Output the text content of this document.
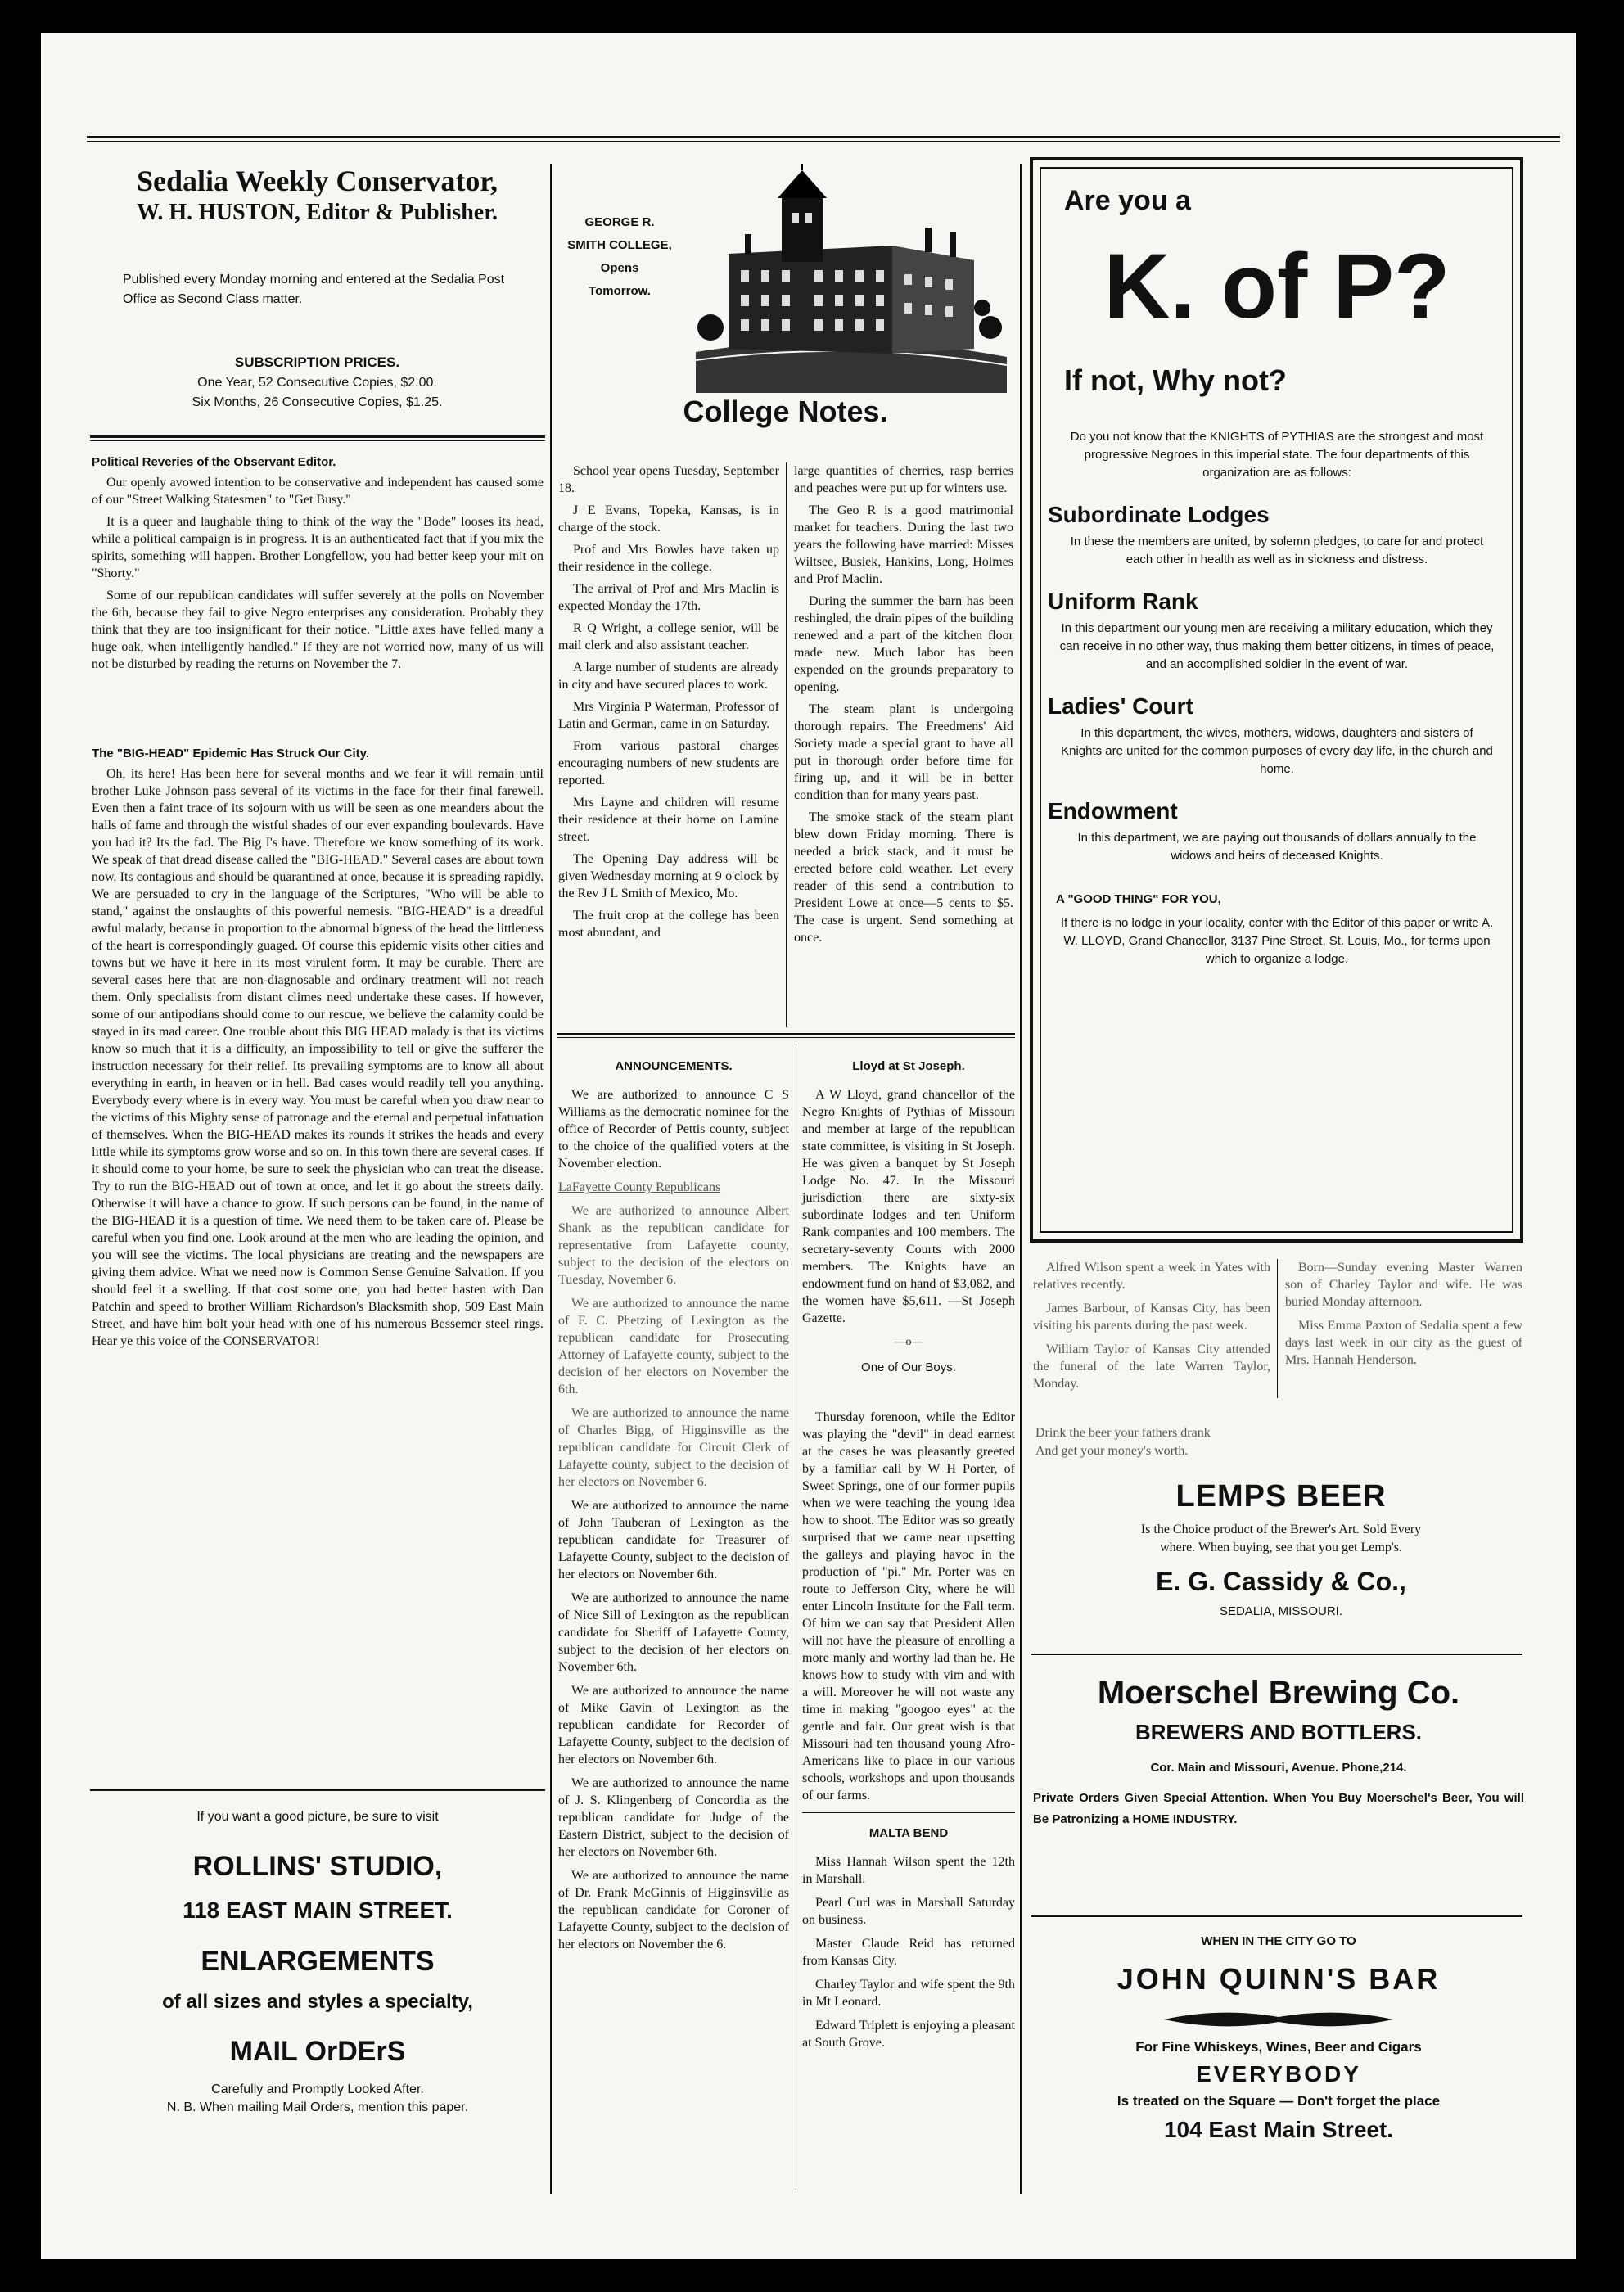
Sedalia Weekly Conservator,
W. H. HUSTON, Editor & Publisher.
Published every Monday morning and entered at the Sedalia Post Office as Second Class matter.
SUBSCRIPTION PRICES.
One Year, 52 Consecutive Copies, $2.00.
Six Months, 26 Consecutive Copies, $1.25.
Political Reveries of the Observant Editor.

Our openly avowed intention to be conservative and independent has caused some of our "Street Walking Statesmen" to "Get Busy."

It is a queer and laughable thing to think of the way the "Bode" looses its head, while a political campaign is in progress. It is an authenticated fact that if you mix the spirits, something will happen. Brother Longfellow, you had better keep your mit on "Shorty."

Some of our republican candidates will suffer severely at the polls on November the 6th, because they fail to give Negro enterprises any consideration. Probably they think that they are too insignificant for their notice. "Little axes have felled many a huge oak, when intelligently handled." If they are not worried now, many of us will not be disturbed by reading the returns on November the 7.

The "BIG-HEAD" Epidemic Has Struck Our City.

Oh, its here! Has been here for several months and we fear it will remain until brother Luke Johnson pass several of its victims in the face for their final farewell. Even then a faint trace of its sojourn with us will be seen as one meanders about the halls of fame and through the wistful shades of our ever expanding boulevards. Have you had it? Its the fad. The Big I's have. Therefore we know something of its work. We speak of that dread disease called the "BIG-HEAD." Several cases are about town now. Its contagious and should be quarantined at once, because it is spreading rapidly. We are persuaded to cry in the language of the Scriptures, "Who will be able to stand," against the onslaughts of this powerful nemesis. "BIG-HEAD" is a dreadful awful malady, because in proportion to the abnormal bigness of the head the littleness of the heart is correspondingly guaged. Of course this epidemic visits other cities and towns but we have it here in its most virulent form. It may be curable. There are several cases here that are non-diagnosable and ordinary treatment will not reach them. Only specialists from distant climes need undertake these cases. If however, some of our antipodians should come to our rescue, we believe the calamity could be stayed in its mad career. One trouble about this BIG HEAD malady is that its victims know so much that it is a difficulty, an impossibility to tell or give the sufferer the instruction necessary for their relief. Its prevailing symptoms are to know all about everything in earth, in heaven or in hell. Bad cases would readily tell you anything. Everybody every where is in every way. You must be careful when you draw near to the victims of this Mighty sense of patronage and the eternal and perpetual infatuation of themselves. When the BIG-HEAD makes its rounds it strikes the heads and every little while its symptoms grow worse and so on. In this town there are several cases. If it should come to your home, be sure to seek the physician who can treat the disease. Try to run the BIG-HEAD out of town at once, and let it go about the streets daily. Otherwise it will have a chance to grow. If such persons can be found, in the name of the BIG-HEAD it is a question of time. We need them to be taken care of. Please be careful when you find one. Look around at the men who are leading the opinion, and you will see the victims. The local physicians are treating and the newspapers are giving them advice. What we need now is Common Sense Genuine Salvation. If you should feel it a swelling. If that cost some one, you had better hasten with Dan Patchin and speed to brother William Richardson's Blacksmith shop, 509 East Main Street, and have him bolt your head with one of his numerous Bessemer steel rings. Hear ye this voice of the CONSERVATOR!

If you want a good picture, be sure to visit
ROLLINS' STUDIO,
118 EAST MAIN STREET.
ENLARGEMENTS
of all sizes and styles a specialty,
MAIL OrDErS
Carefully and Promptly Looked After.
N. B. When mailing Mail Orders, mention this paper.
GEORGE R.
SMITH COLLEGE,
Opens
Tomorrow.
College Notes.

School year opens Tuesday, September 18.

J E Evans, Topeka, Kansas, is in charge of the stock.

Prof and Mrs Bowles have taken up their residence in the college.

The arrival of Prof and Mrs Maclin is expected Monday the 17th.

R Q Wright, a college senior, will be mail clerk and also assistant teacher.

A large number of students are already in city and have secured places to work.

Mrs Virginia P Waterman, Professor of Latin and German, came in on Saturday.

From various pastoral charges encouraging numbers of new students are reported.

Mrs Layne and children will resume their residence at their home on Lamine street.

The Opening Day address will be given Wednesday morning at 9 o'clock by the Rev J L Smith of Mexico, Mo.

The fruit crop at the college has been most abundant, and

large quantities of cherries, rasp berries and peaches were put up for winters use.

The Geo R is a good matrimonial market for teachers. During the last two years the following have married: Misses Wiltsee, Busiek, Hankins, Long, Holmes and Prof Maclin.

During the summer the barn has been reshingled, the drain pipes of the building renewed and a part of the kitchen floor made new. Much labor has been expended on the grounds preparatory to opening.

The steam plant is undergoing thorough repairs. The Freedmens' Aid Society made a special grant to have all put in thorough order before time for firing up, and it will be in better condition than for many years past.

The smoke stack of the steam plant blew down Friday morning. There is needed a brick stack, and it must be erected before cold weather. Let every reader of this send a contribution to President Lowe at once—5 cents to $5. The case is urgent. Send something at once.

ANNOUNCEMENTS.

We are authorized to announce C S Williams as the democratic nominee for the office of Recorder of Pettis county, subject to the choice of the qualified voters at the November election.

LaFayette County Republicans

We are authorized to announce Albert Shank as the republican candidate for representative from Lafayette county, subject to the decision of the electors on Tuesday, November 6.

We are authorized to announce the name of F. C. Phetzing of Lexington as the republican candidate for Prosecuting Attorney of Lafayette county, subject to the decision of her electors on November the 6th.

We are authorized to announce the name of Charles Bigg, of Higginsville as the republican candidate for Circuit Clerk of Lafayette county, subject to the decision of her electors on November 6.

We are authorized to announce the name of John Tauberan of Lexington as the republican candidate for Treasurer of Lafayette County, subject to the decision of her electors on November 6th.

We are authorized to announce the name of Nice Sill of Lexington as the republican candidate for Sheriff of Lafayette County, subject to the decision of her electors on November 6th.

We are authorized to announce the name of Mike Gavin of Lexington as the republican candidate for Recorder of Lafayette County, subject to the decision of her electors on November 6th.

We are authorized to announce the name of J. S. Klingenberg of Concordia as the republican candidate for Judge of the Eastern District, subject to the decision of her electors on November 6th.

We are authorized to announce the name of Dr. Frank McGinnis of Higginsville as the republican candidate for Coroner of Lafayette County, subject to the decision of her electors on November the 6.

Lloyd at St Joseph.

A W Lloyd, grand chancellor of the Negro Knights of Pythias of Missouri and member at large of the republican state committee, is visiting in St Joseph. He was given a banquet by St Joseph Lodge No. 47. In the Missouri jurisdiction there are sixty-six subordinate lodges and ten Uniform Rank companies and 100 members. The secretary-seventy Courts with 2000 members. The Knights have an endowment fund on hand of $3,082, and the women have $5,611. —St Joseph Gazette.

—o—
One of Our Boys.

Thursday forenoon, while the Editor was playing the "devil" in dead earnest at the cases he was pleasantly greeted by a familiar call by W H Porter, of Sweet Springs, one of our former pupils when we were teaching the young idea how to shoot. The Editor was so greatly surprised that we came near upsetting the galleys and playing havoc in the production of "pi." Mr. Porter was en route to Jefferson City, where he will enter Lincoln Institute for the Fall term. Of him we can say that President Allen will not have the pleasure of enrolling a more manly and worthy lad than he. He knows how to study with vim and with a will. Moreover he will not waste any time in making "googoo eyes" at the gentle and fair. Our great wish is that Missouri had ten thousand young Afro-Americans like to place in our various schools, workshops and upon thousands of our farms.

MALTA BEND

Miss Hannah Wilson spent the 12th in Marshall.

Pearl Curl was in Marshall Saturday on business.

Master Claude Reid has returned from Kansas City.

Charley Taylor and wife spent the 9th in Mt Leonard.

Edward Triplett is enjoying a pleasant at South Grove.

Are you a
K. of P?
If not, Why not?
Do you not know that the KNIGHTS of PYTHIAS are the strongest and most progressive Negroes in this imperial state. The four departments of this organization are as follows:
Subordinate Lodges
In these the members are united, by solemn pledges, to care for and protect each other in health as well as in sickness and distress.
Uniform Rank
In this department our young men are receiving a military education, which they can receive in no other way, thus making them better citizens, in times of peace, and an accomplished soldier in the event of war.
Ladies' Court
In this department, the wives, mothers, widows, daughters and sisters of Knights are united for the common purposes of every day life, in the church and home.
Endowment
In this department, we are paying out thousands of dollars annually to the widows and heirs of deceased Knights.
A "GOOD THING" FOR YOU,
If there is no lodge in your locality, confer with the Editor of this paper or write A. W. LLOYD, Grand Chancellor, 3137 Pine Street, St. Louis, Mo., for terms upon which to organize a lodge.

Alfred Wilson spent a week in Yates with relatives recently.

James Barbour, of Kansas City, has been visiting his parents during the past week.

William Taylor of Kansas City attended the funeral of the late Warren Taylor, Monday.

Born—Sunday evening Master Warren son of Charley Taylor and wife. He was buried Monday afternoon.

Miss Emma Paxton of Sedalia spent a few days last week in our city as the guest of Mrs. Hannah Henderson.

Drink the beer your fathers drank
And get your money's worth.
LEMPS BEER
Is the Choice product of the Brewer's Art. Sold Every
where. When buying, see that you get Lemp's.
E. G. Cassidy & Co.,
SEDALIA, MISSOURI.
Moerschel Brewing Co.
BREWERS AND BOTTLERS.
Cor. Main and Missouri, Avenue. Phone,214.
Private Orders Given Special Attention. When You Buy Moerschel's Beer, You will Be Patronizing a HOME INDUSTRY.
WHEN IN THE CITY GO TO
JOHN QUINN'S BAR
For Fine Whiskeys, Wines, Beer and Cigars
EVERYBODY
Is treated on the Square — Don't forget the place
104 East Main Street.
